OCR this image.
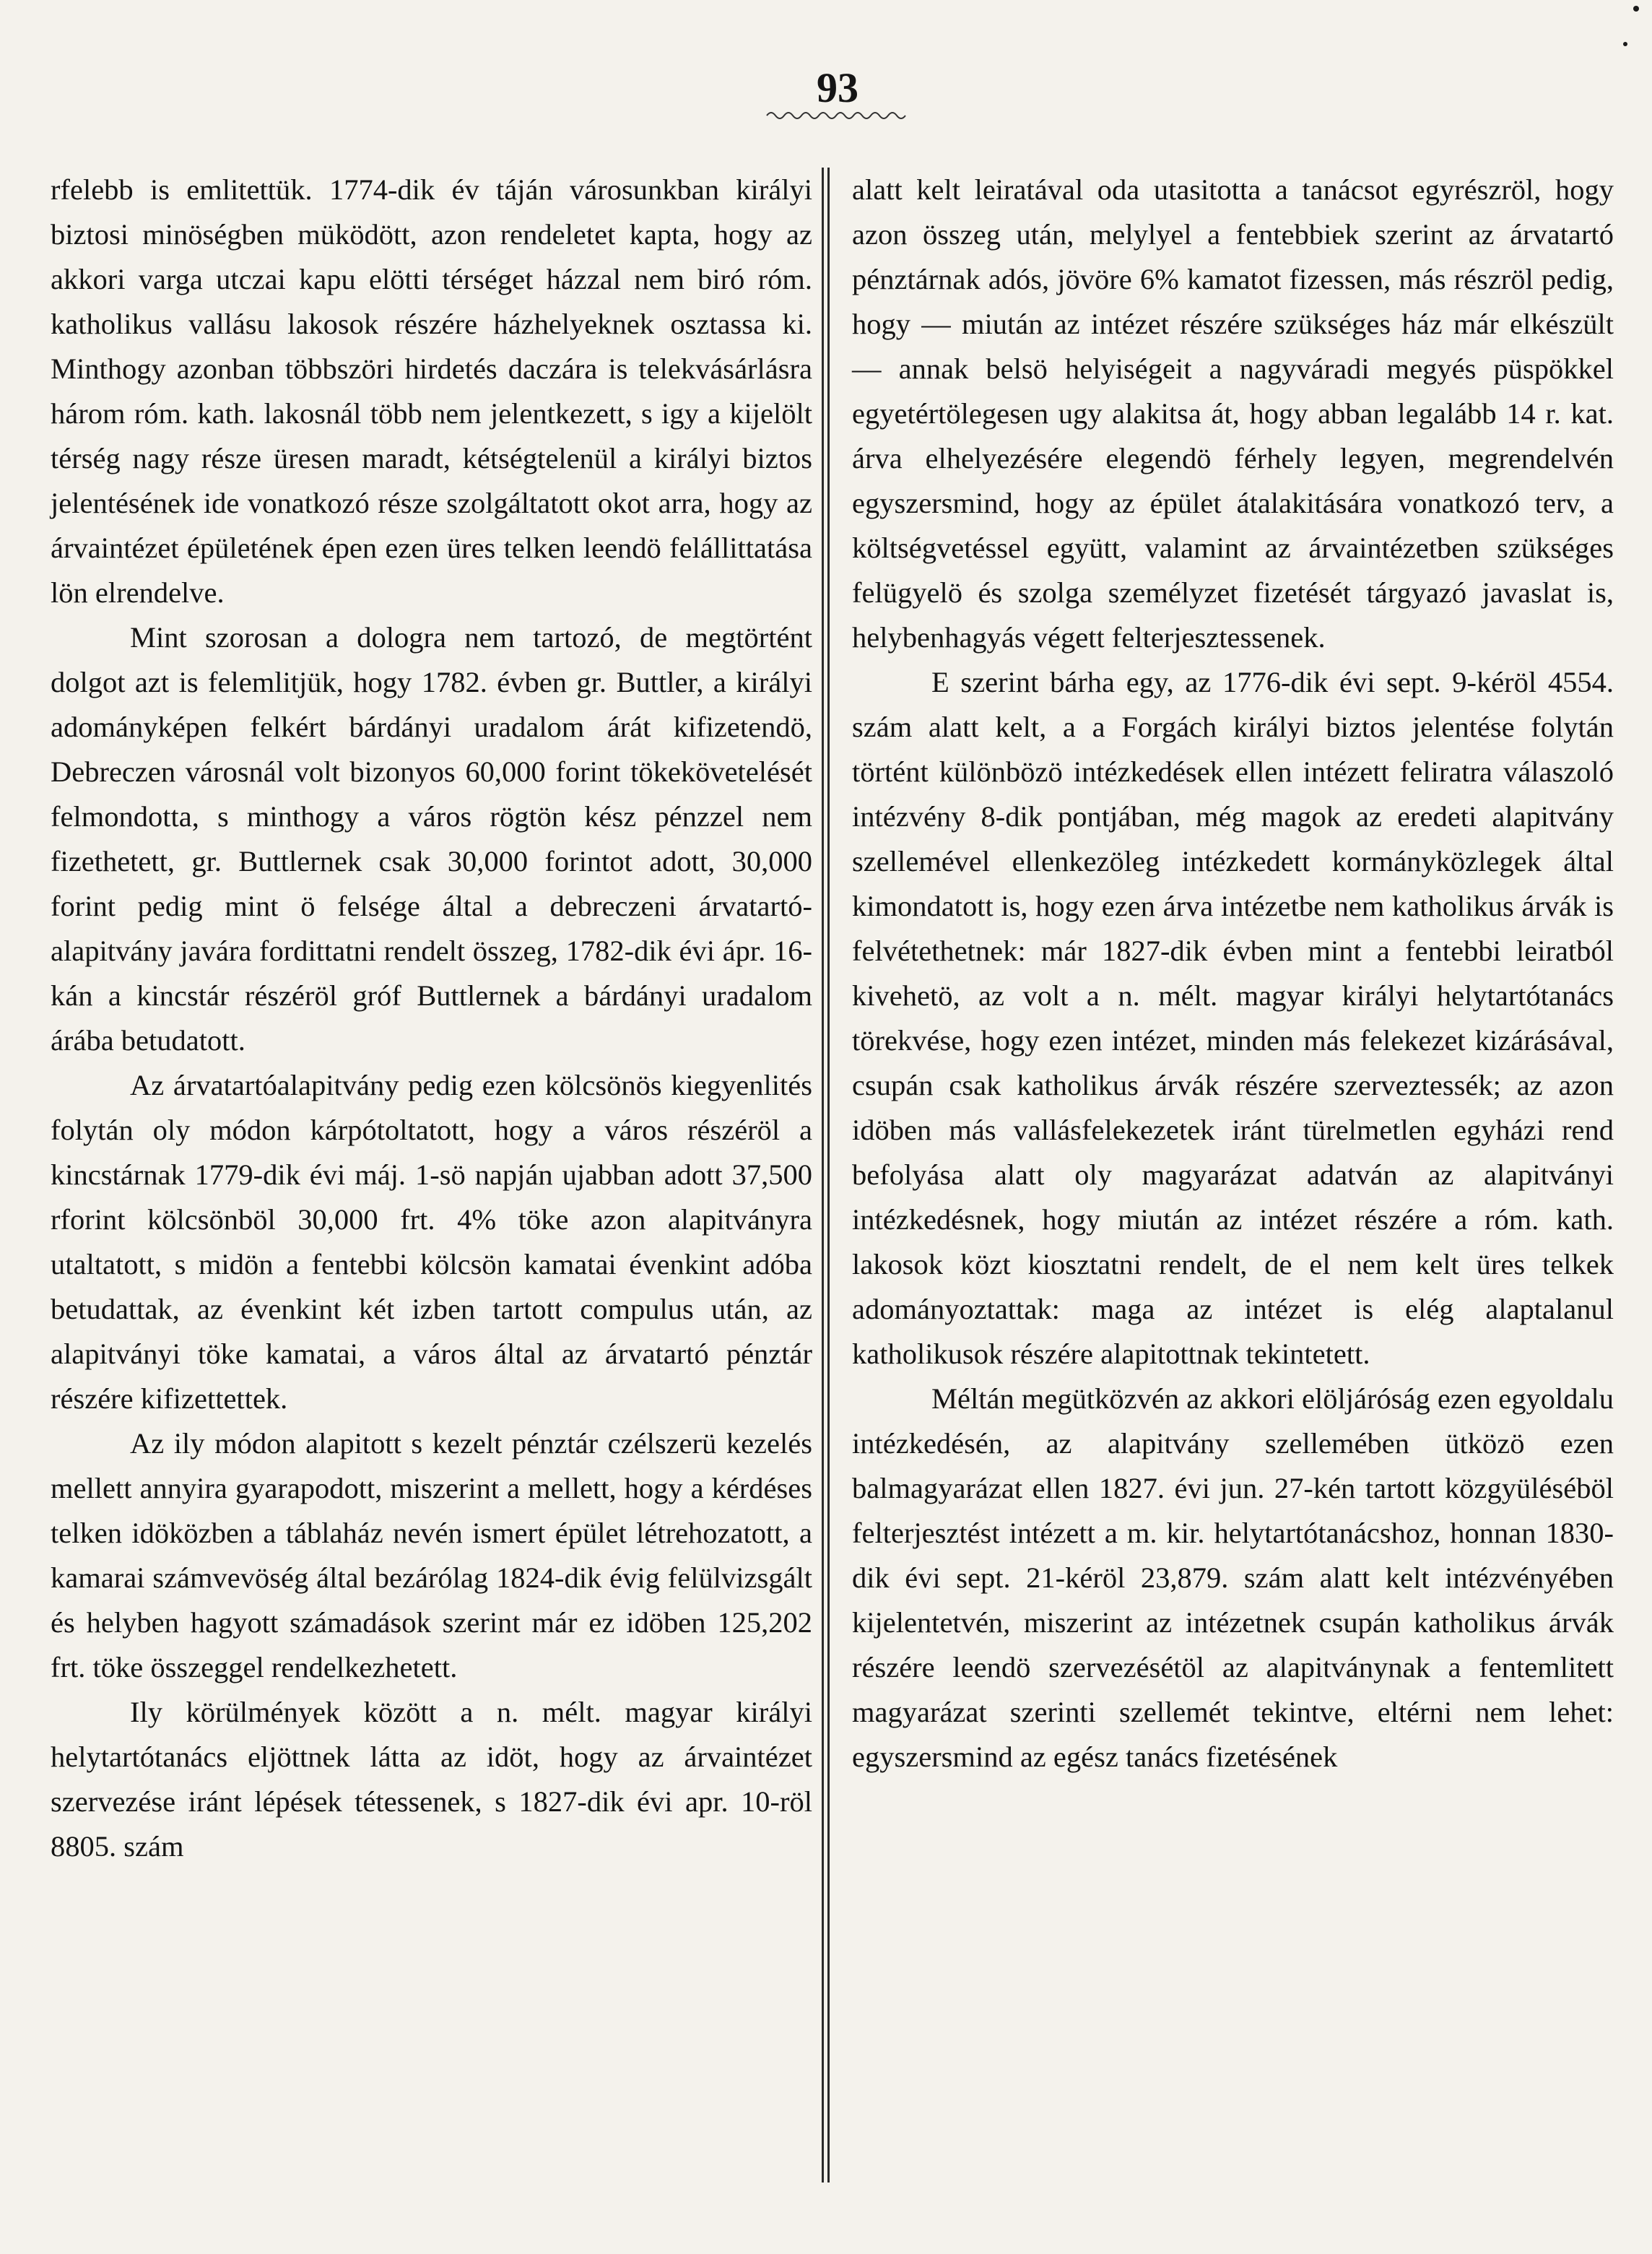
93

rfelebb is emlitettük. 1774-dik év táján városunkban királyi biztosi minöségben müködött, azon rendeletet kapta, hogy az akkori varga utczai kapu elötti térséget házzal nem biró róm. katholikus vallásu lakosok részére házhelyeknek osztassa ki. Minthogy azonban többszöri hirdetés daczára is telekvásárlásra három róm. kath. lakosnál több nem jelentkezett, s igy a kijelölt térség nagy része üresen maradt, kétségtelenül a királyi biztos jelentésének ide vonatkozó része szolgáltatott okot arra, hogy az árvaintézet épületének épen ezen üres telken leendö felállittatása lön elrendelve.

Mint szorosan a dologra nem tartozó, de megtörtént dolgot azt is felemlitjük, hogy 1782. évben gr. Buttler, a királyi adományképen felkért bárdányi uradalom árát kifizetendö, Debreczen városnál volt bizonyos 60,000 forint tökekövetelését felmondotta, s minthogy a város rögtön kész pénzzel nem fizethetett, gr. Buttlernek csak 30,000 forintot adott, 30,000 forint pedig mint ö felsége által a debreczeni árvatartó-alapitvány javára fordittatni rendelt összeg, 1782-dik évi ápr. 16-kán a kincstár részéröl gróf Buttlernek a bárdányi uradalom árába betudatott.

Az árvatartóalapitvány pedig ezen kölcsönös kiegyenlités folytán oly módon kárpótoltatott, hogy a város részéröl a kincstárnak 1779-dik évi máj. 1-sö napján ujabban adott 37,500 rforint kölcsönböl 30,000 frt. 4% töke azon alapitványra utaltatott, s midön a fentebbi kölcsön kamatai évenkint adóba betudattak, az évenkint két izben tartott compulus után, az alapitványi töke kamatai, a város által az árvatartó pénztár részére kifizettettek.

Az ily módon alapitott s kezelt pénztár czélszerü kezelés mellett annyira gyarapodott, miszerint a mellett, hogy a kérdéses telken idöközben a táblaház nevén ismert épület létrehozatott, a kamarai számvevöség által bezárólag 1824-dik évig felülvizsgált és helyben hagyott számadások szerint már ez idöben 125,202 frt. töke összeggel rendelkezhetett.

Ily körülmények között a n. mélt. magyar királyi helytartótanács eljöttnek látta az idöt, hogy az árvaintézet szervezése iránt lépések tétessenek, s 1827-dik évi apr. 10-röl 8805. szám

alatt kelt leiratával oda utasitotta a tanácsot egyrészröl, hogy azon összeg után, melylyel a fentebbiek szerint az árvatartó pénztárnak adós, jövöre 6% kamatot fizessen, más részröl pedig, hogy — miután az intézet részére szükséges ház már elkészült — annak belsö helyiségeit a nagyváradi megyés püspökkel egyetértölegesen ugy alakitsa át, hogy abban legalább 14 r. kat. árva elhelyezésére elegendö férhely legyen, megrendelvén egyszersmind, hogy az épület átalakitására vonatkozó terv, a költségvetéssel együtt, valamint az árvaintézetben szükséges felügyelö és szolga személyzet fizetését tárgyazó javaslat is, helybenhagyás végett felterjesztessenek.

E szerint bárha egy, az 1776-dik évi sept. 9-kéröl 4554. szám alatt kelt, a a Forgách királyi biztos jelentése folytán történt különbözö intézkedések ellen intézett feliratra válaszoló intézvény 8-dik pontjában, még magok az eredeti alapitvány szellemével ellenkezöleg intézkedett kormányközlegek által kimondatott is, hogy ezen árva intézetbe nem katholikus árvák is felvétethetnek: már 1827-dik évben mint a fentebbi leiratból kivehetö, az volt a n. mélt. magyar királyi helytartótanács törekvése, hogy ezen intézet, minden más felekezet kizárásával, csupán csak katholikus árvák részére szerveztessék; az azon idöben más vallásfelekezetek iránt türelmetlen egyházi rend befolyása alatt oly magyarázat adatván az alapitványi intézkedésnek, hogy miután az intézet részére a róm. kath. lakosok közt kiosztatni rendelt, de el nem kelt üres telkek adományoztattak: maga az intézet is elég alaptalanul katholikusok részére alapitottnak tekintetett.

Méltán megütközvén az akkori elöljáróság ezen egyoldalu intézkedésén, az alapitvány szellemében ütközö ezen balmagyarázat ellen 1827. évi jun. 27-kén tartott közgyüléséböl felterjesztést intézett a m. kir. helytartótanácshoz, honnan 1830-dik évi sept. 21-kéröl 23,879. szám alatt kelt intézvényében kijelentetvén, miszerint az intézetnek csupán katholikus árvák részére leendö szervezésétöl az alapitványnak a fentemlitett magyarázat szerinti szellemét tekintve, eltérni nem lehet: egyszersmind az egész tanács fizetésének
